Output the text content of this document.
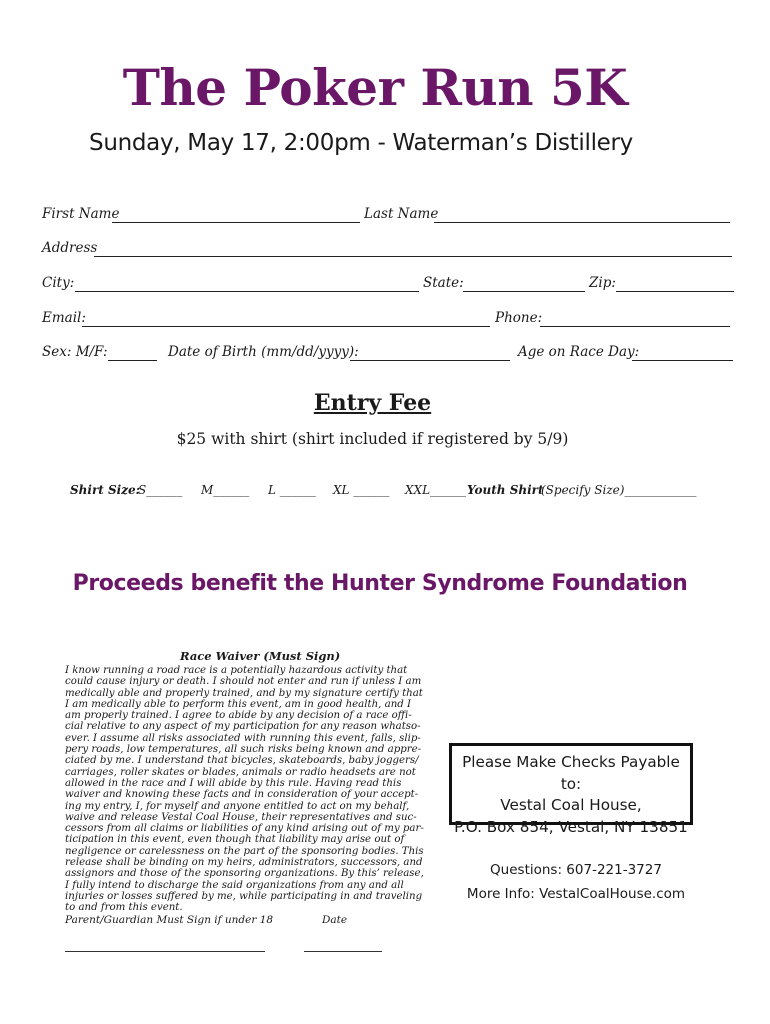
The Poker Run 5K
Sunday, May 17, 2:00pm - Waterman’s Distillery
First Name	Last Name
Address
City:	State:	Zip:
Email:	Phone:
Sex: M/F:	Date of Birth (mm/dd/yyyy):	Age on Race Day:
Entry Fee
$25 with shirt (shirt included if registered by 5/9)
Shirt Size:
S______ M______ L ______ XL ______ XXL______ Youth Shirt
(Specify Size)____________
Proceeds benefit the Hunter Syndrome Foundation
Race Waiver (Must Sign)
I know running a road race is a potentially hazardous activity that
could cause injury or death. I should not enter and run if unless I am
medically able and properly trained, and by my signature certify that
I am medically able to perform this event, am in good health, and I
am properly trained. I agree to abide by any decision of a race offi-
cial relative to any aspect of my participation for any reason whatso-
ever. I assume all risks associated with running this event, falls, slip-
pery roads, low temperatures, all such risks being known and appre-
ciated by me. I understand that bicycles, skateboards, baby joggers/
carriages, roller skates or blades, animals or radio headsets are not
allowed in the race and I will abide by this rule. Having read this
waiver and knowing these facts and in consideration of your accept-
ing my entry, I, for myself and anyone entitled to act on my behalf,
waive and release Vestal Coal House, their representatives and suc-
cessors from all claims or liabilities of any kind arising out of my par-
ticipation in this event, even though that liability may arise out of
negligence or carelessness on the part of the sponsoring bodies. This
release shall be binding on my heirs, administrators, successors, and
assignors and those of the sponsoring organizations. By this’ release,
I fully intend to discharge the said organizations from any and all
injuries or losses suffered by me, while participating in and traveling
to and from this event.
Parent/Guardian Must Sign if under 18	Date
Please Make Checks Payable to:
Vestal Coal House,
P.O. Box 854, Vestal, NY 13851
Questions: 607-221-3727
More Info: VestalCoalHouse.com
